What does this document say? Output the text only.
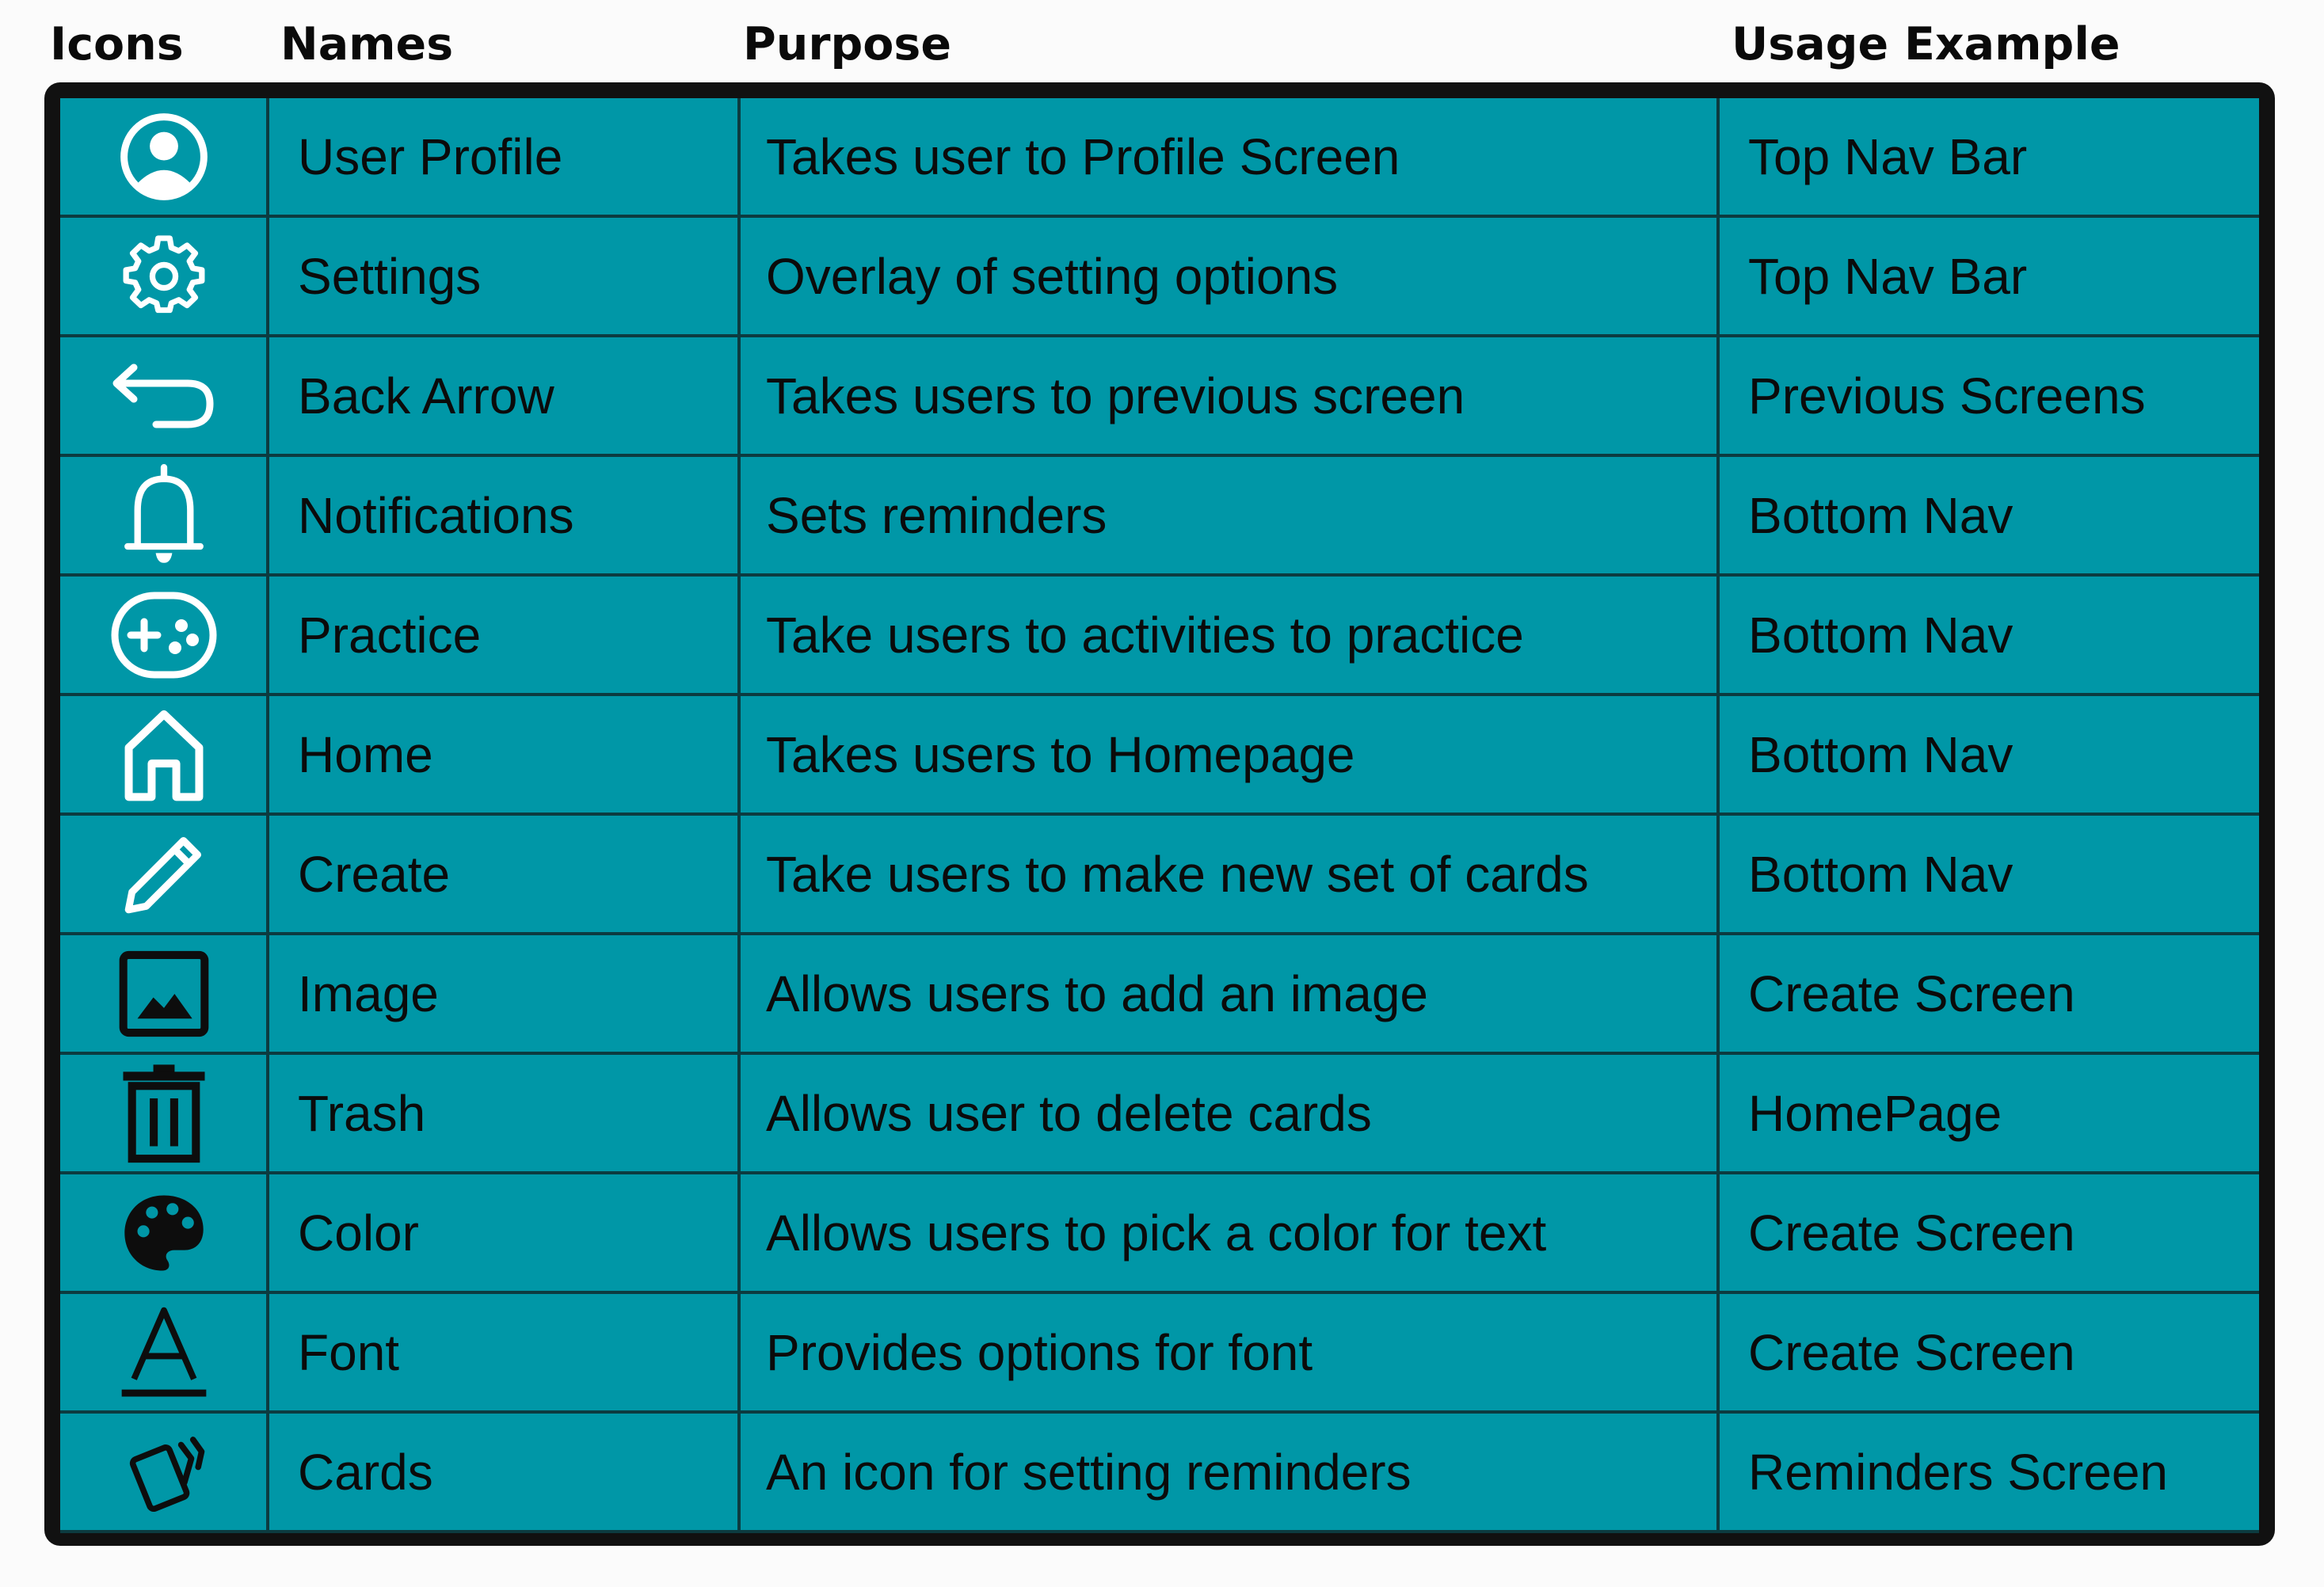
Icons Names	Purpose	Usage Example
User Profile	Takes user to Profile Screen	Top Nav Bar
Settings	Overlay of setting options	Top Nav Bar
Back Arrow	Takes users to previous screen	Previous Screens
Notifications	Sets reminders	Bottom Nav
Practice	Take users to activities to practice	Bottom Nav
Home	Takes users to Homepage	Bottom Nav
Create	Take users to make new set of cards	Bottom Nav
Image	Allows users to add an image	Create Screen
Trash	Allows user to delete cards	HomePage
Color	Allows users to pick a color for text	Create Screen
Font	Provides options for font	Create Screen
Cards	An icon for setting reminders	Reminders Screen
